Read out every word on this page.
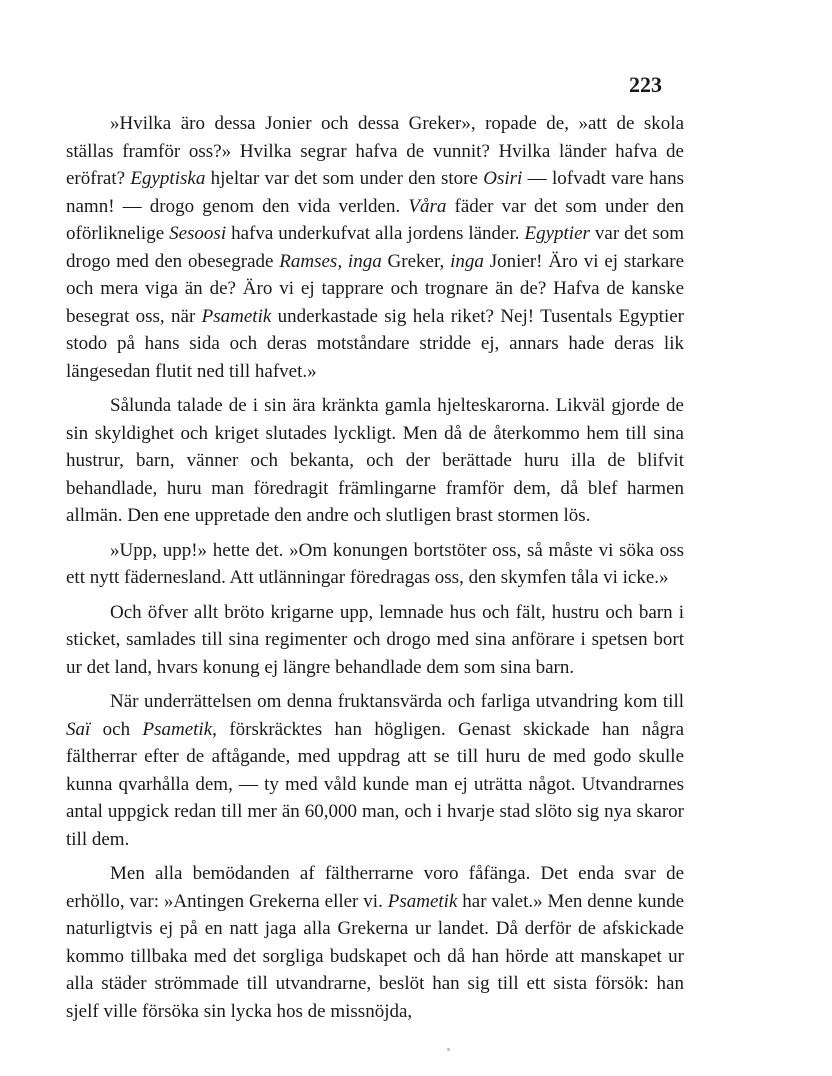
223

»Hvilka äro dessa Jonier och dessa Greker», ropade de, »att de skola ställas framför oss?» Hvilka segrar hafva de vunnit? Hvilka länder hafva de eröfrat? Egyptiska hjeltar var det som under den store Osiri — lofvadt vare hans namn! — drogo genom den vida verlden. Våra fäder var det som under den oförliknelige Sesoosi hafva underkufvat alla jordens länder. Egyptier var det som drogo med den obesegrade Ramses, inga Greker, inga Jonier! Äro vi ej starkare och mera viga än de? Äro vi ej tapprare och trognare än de? Hafva de kanske besegrat oss, när Psametik underkastade sig hela riket? Nej! Tusentals Egyptier stodo på hans sida och deras motståndare stridde ej, annars hade deras lik längesedan flutit ned till hafvet.»

Sålunda talade de i sin ära kränkta gamla hjelteskarorna. Likväl gjorde de sin skyldighet och kriget slutades lyckligt. Men då de återkommo hem till sina hustrur, barn, vänner och bekanta, och der berättade huru illa de blifvit behandlade, huru man föredragit främlingarne framför dem, då blef harmen allmän. Den ene uppretade den andre och slutligen brast stormen lös.

»Upp, upp!» hette det. »Om konungen bortstöter oss, så måste vi söka oss ett nytt fädernesland. Att utlänningar föredragas oss, den skymfen tåla vi icke.»

Och öfver allt bröto krigarne upp, lemnade hus och fält, hustru och barn i sticket, samlades till sina regimenter och drogo med sina anförare i spetsen bort ur det land, hvars konung ej längre behandlade dem som sina barn.

När underrättelsen om denna fruktansvärda och farliga utvandring kom till Saï och Psametik, förskräcktes han högligen. Genast skickade han några fältherrar efter de aftågande, med uppdrag att se till huru de med godo skulle kunna qvarhålla dem, — ty med våld kunde man ej uträtta något. Utvandrarnes antal uppgick redan till mer än 60,000 man, och i hvarje stad slöto sig nya skaror till dem.

Men alla bemödanden af fältherrarne voro fåfänga. Det enda svar de erhöllo, var: »Antingen Grekerna eller vi. Psametik har valet.» Men denne kunde naturligtvis ej på en natt jaga alla Grekerna ur landet. Då derför de afskickade kommo tillbaka med det sorgliga budskapet och då han hörde att manskapet ur alla städer strömmade till utvandrarne, beslöt han sig till ett sista försök: han sjelf ville försöka sin lycka hos de missnöjda,
